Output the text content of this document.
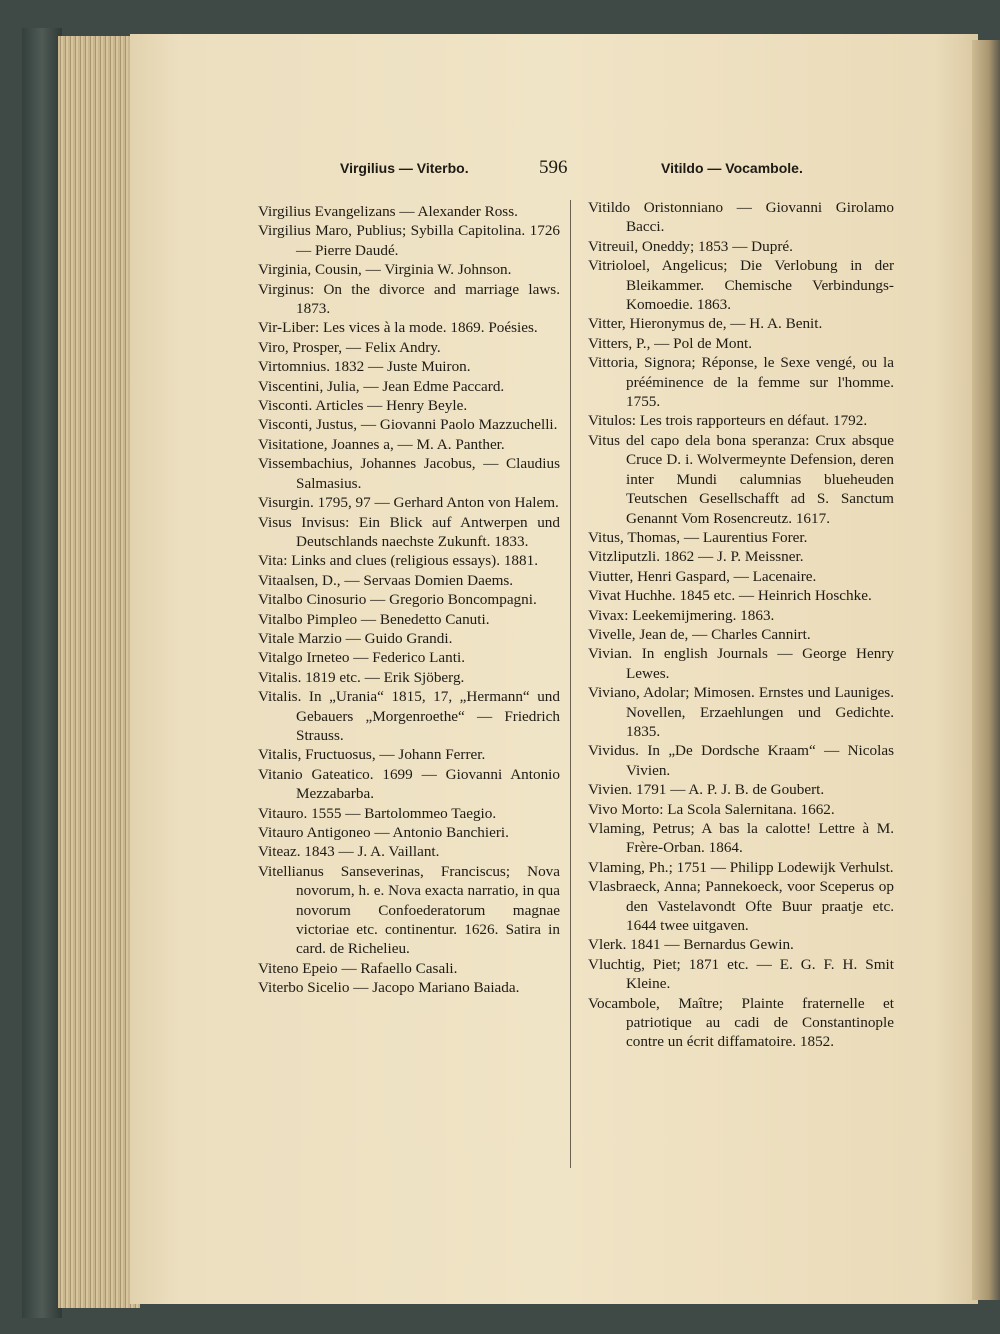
Virgilius — Viterbo.	596	Vitildo — Vocambole.

Virgilius Evangelizans — Alexander Ross.

Virgilius Maro, Publius; Sybilla Capitolina. 1726 — Pierre Daudé.

Virginia, Cousin, — Virginia W. Johnson.

Virginus: On the divorce and marriage laws. 1873.

Vir-Liber: Les vices à la mode. 1869. Poésies.

Viro, Prosper, — Felix Andry.

Virtomnius. 1832 — Juste Muiron.

Viscentini, Julia, — Jean Edme Paccard.

Visconti. Articles — Henry Beyle.

Visconti, Justus, — Giovanni Paolo Mazzuchelli.

Visitatione, Joannes a, — M. A. Panther.

Vissembachius, Johannes Jacobus, — Claudius Salmasius.

Visurgin. 1795, 97 — Gerhard Anton von Halem.

Visus Invisus: Ein Blick auf Antwerpen und Deutschlands naechste Zukunft. 1833.

Vita: Links and clues (religious essays). 1881.

Vitaalsen, D., — Servaas Domien Daems.

Vitalbo Cinosurio — Gregorio Boncompagni.

Vitalbo Pimpleo — Benedetto Canuti.

Vitale Marzio — Guido Grandi.

Vitalgo Irneteo — Federico Lanti.

Vitalis. 1819 etc. — Erik Sjöberg.

Vitalis. In „Urania“ 1815, 17, „Hermann“ und Gebauers „Morgenroethe“ — Friedrich Strauss.

Vitalis, Fructuosus, — Johann Ferrer.

Vitanio Gateatico. 1699 — Giovanni Antonio Mezzabarba.

Vitauro. 1555 — Bartolommeo Taegio.

Vitauro Antigoneo — Antonio Banchieri.

Viteaz. 1843 — J. A. Vaillant.

Vitellianus Sanseverinas, Franciscus; Nova novorum, h. e. Nova exacta narratio, in qua novorum Confoederatorum magnae victoriae etc. continentur. 1626. Satira in card. de Richelieu.

Viteno Epeio — Rafaello Casali.

Viterbo Sicelio — Jacopo Mariano Baiada.

Vitildo Oristonniano — Giovanni Girolamo Bacci.

Vitreuil, Oneddy; 1853 — Dupré.

Vitrioloel, Angelicus; Die Verlobung in der Bleikammer. Chemische Verbindungs-Komoedie. 1863.

Vitter, Hieronymus de, — H. A. Benit.

Vitters, P., — Pol de Mont.

Vittoria, Signora; Réponse, le Sexe vengé, ou la prééminence de la femme sur l'homme. 1755.

Vitulos: Les trois rapporteurs en défaut. 1792.

Vitus del capo dela bona speranza: Crux absque Cruce D. i. Wolvermeynte Defension, deren inter Mundi calumnias blueheuden Teutschen Gesellschafft ad S. Sanctum Genannt Vom Rosencreutz. 1617.

Vitus, Thomas, — Laurentius Forer.

Vitzliputzli. 1862 — J. P. Meissner.

Viutter, Henri Gaspard, — Lacenaire.

Vivat Huchhe. 1845 etc. — Heinrich Hoschke.

Vivax: Leekemijmering. 1863.

Vivelle, Jean de, — Charles Cannirt.

Vivian. In english Journals — George Henry Lewes.

Viviano, Adolar; Mimosen. Ernstes und Launiges. Novellen, Erzaehlungen und Gedichte. 1835.

Vividus. In „De Dordsche Kraam“ — Nicolas Vivien.

Vivien. 1791 — A. P. J. B. de Goubert.

Vivo Morto: La Scola Salernitana. 1662.

Vlaming, Petrus; A bas la calotte! Lettre à M. Frère-Orban. 1864.

Vlaming, Ph.; 1751 — Philipp Lodewijk Verhulst.

Vlasbraeck, Anna; Pannekoeck, voor Sceperus op den Vastelavondt Ofte Buur praatje etc. 1644 twee uitgaven.

Vlerk. 1841 — Bernardus Gewin.

Vluchtig, Piet; 1871 etc. — E. G. F. H. Smit Kleine.

Vocambole, Maître; Plainte fraternelle et patriotique au cadi de Constantinople contre un écrit diffamatoire. 1852.
